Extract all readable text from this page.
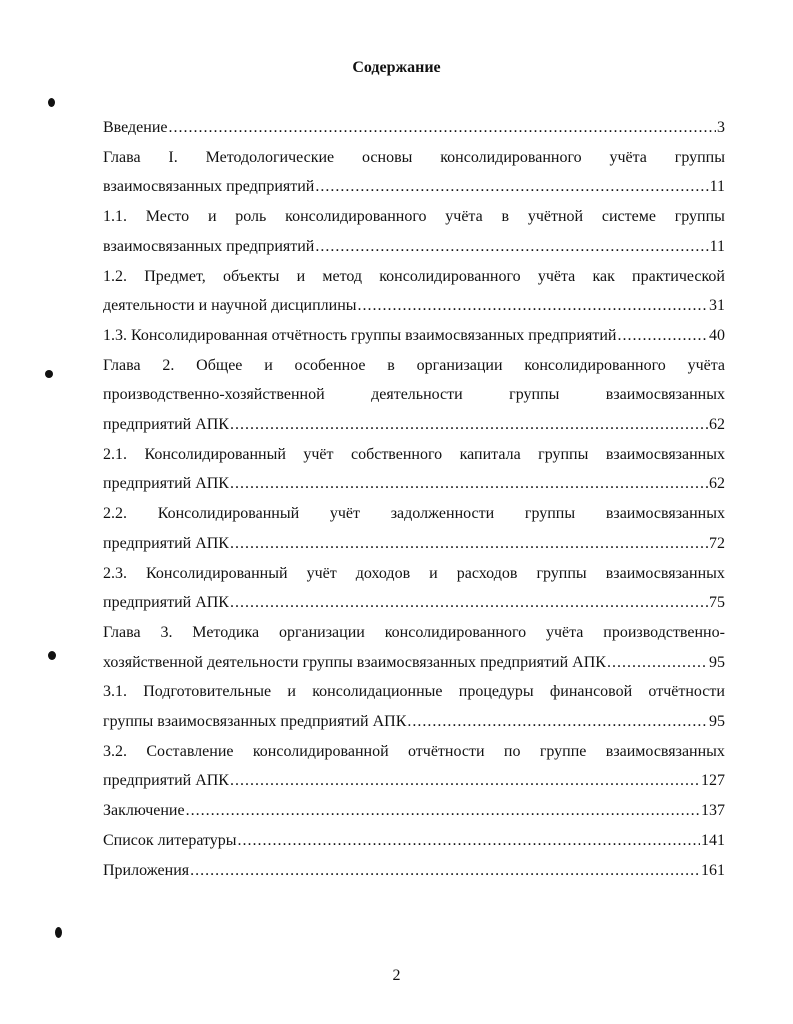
Содержание
Введение .....	3
Глава I. Методологические основы консолидированного учёта группы
взаимосвязанных предприятий .....	11
1.1. Место и роль консолидированного учёта в учётной системе группы
взаимосвязанных предприятий .....	11
1.2. Предмет, объекты и метод консолидированного учёта как практической
деятельности и научной дисциплины .....	31
1.3. Консолидированная отчётность группы взаимосвязанных предприятий .....	40
Глава 2. Общее и особенное в организации консолидированного учёта
производственно-хозяйственной	деятельности	группы	взаимосвязанных
предприятий АПК .....	62
2.1. Консолидированный учёт собственного капитала группы взаимосвязанных
предприятий АПК .....	62
2.2. Консолидированный учёт задолженности группы взаимосвязанных
предприятий АПК .....	72
2.3. Консолидированный учёт доходов и расходов группы взаимосвязанных
предприятий АПК .....	75
Глава 3. Методика организации консолидированного учёта производственно-
хозяйственной деятельности группы взаимосвязанных предприятий АПК .....	95
3.1. Подготовительные и консолидационные процедуры финансовой отчётности
группы взаимосвязанных предприятий АПК .....	95
3.2. Составление консолидированной отчётности по группе взаимосвязанных
предприятий АПК .....	127
Заключение .....	137
Список литературы .....	141
Приложения .....	161
2
